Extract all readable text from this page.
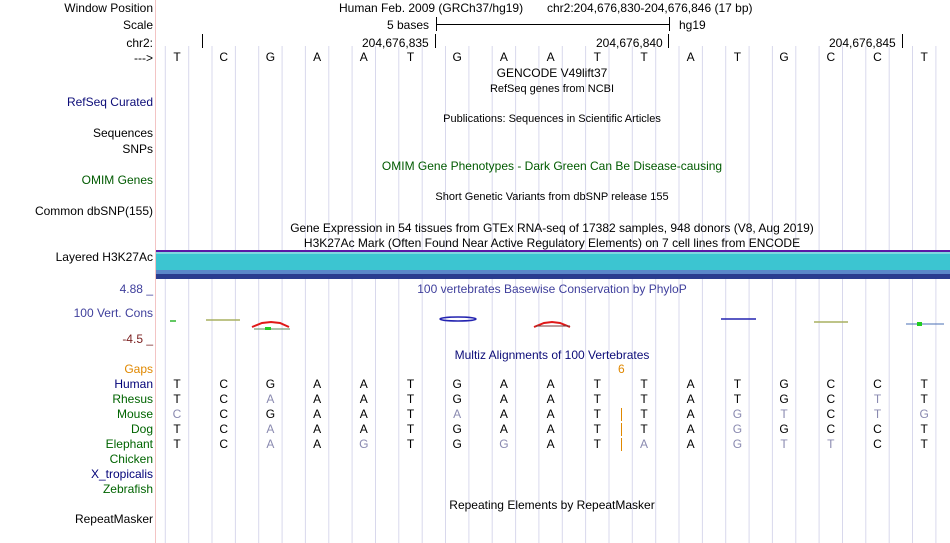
Window Position
Scale
chr2:
--->
Human Feb. 2009 (GRCh37/hg19) chr2:204,676,830-204,676,846 (17 bp)
5 bases	hg19
204,676,835	204,676,840	204,676,845
T	C	G	A	A	T	G	A	A	T	T	A	T	G	C	C	T
GENCODE V49lift37
RefSeq genes from NCBI
RefSeq Curated
Sequences
SNPs
Publications: Sequences in Scientific Articles
OMIM Gene Phenotypes - Dark Green Can Be Disease-causing
OMIM Genes
Short Genetic Variants from dbSNP release 155
Common dbSNP(155)
Gene Expression in 54 tissues from GTEx RNA-seq of 17382 samples, 948 donors (V8, Aug 2019)
H3K27Ac Mark (Often Found Near Active Regulatory Elements) on 7 cell lines from ENCODE
Layered H3K27Ac
4.88 _	100 vertebrates Basewise Conservation by PhyloP
100 Vert. Cons
-4.5 _
Multiz Alignments of 100 Vertebrates
Gaps	6
Human	T	C	G	A	A	T	G	A	A	T	T	A	T	G	C	C	T
Rhesus	T	C	A	A	A	T	G	A	A	T	T	A	T	G	C	T	T
Mouse	C	C	G	A	A	T	A	A	A	T	T	A	G	T	C	T	G
Dog	T	C	A	A	A	T	G	A	A	T	T	A	G	G	C	C	T
Elephant	T	C	A	A	G	T	G	G	A	T	A	A	G	T	T	C	T
Chicken
X_tropicalis
Zebrafish
Repeating Elements by RepeatMasker
RepeatMasker
